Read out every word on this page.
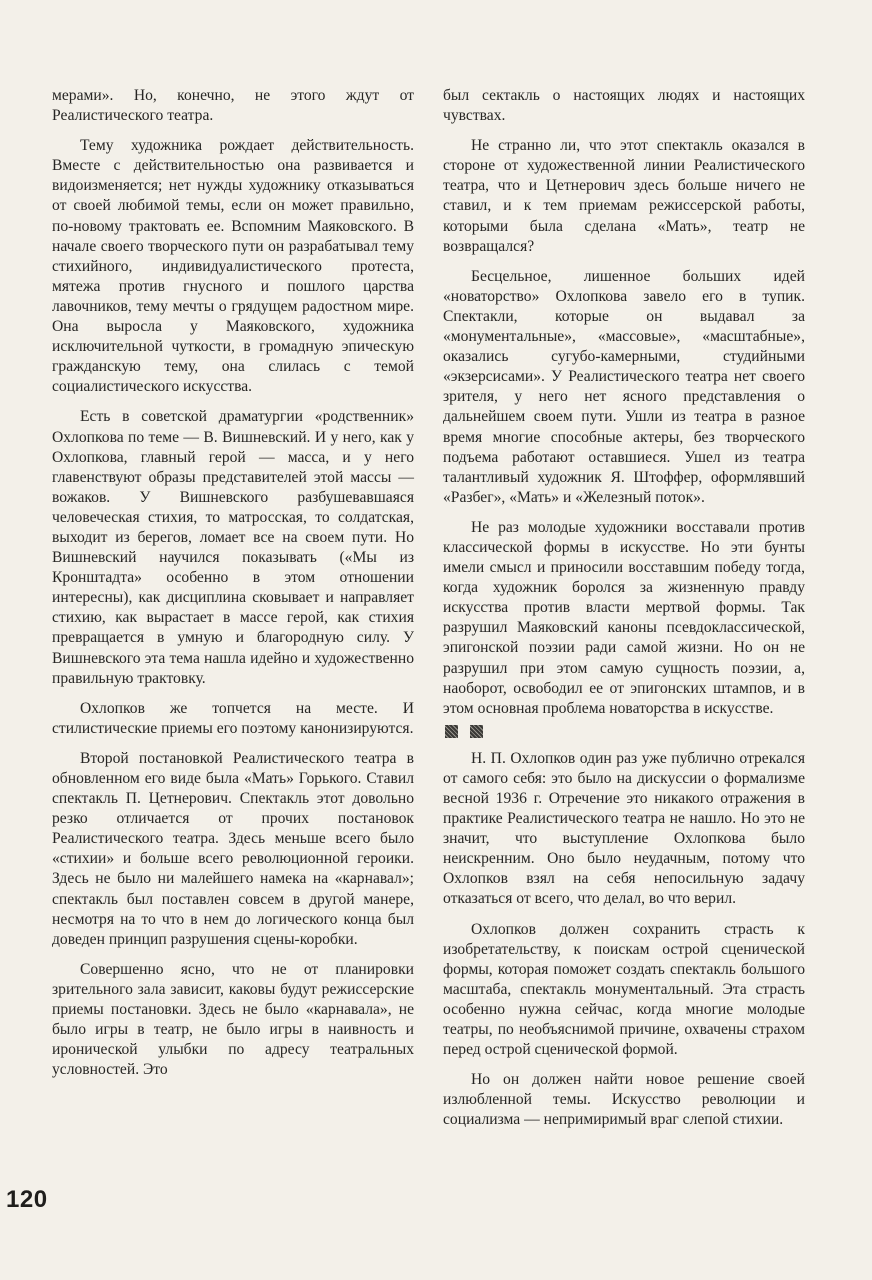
мерами». Но, конечно, не этого ждут от Реалистического театра.

Тему художника рождает действительность. Вместе с действительностью она развивается и видоизменяется; нет нужды художнику отказываться от своей любимой темы, если он может правильно, по-новому трактовать ее. Вспомним Маяковского. В начале своего творческого пути он разрабатывал тему стихийного, индивидуалистического протеста, мятежа против гнусного и пошлого царства лавочников, тему мечты о грядущем радостном мире. Она выросла у Маяковского, художника исключительной чуткости, в громадную эпическую гражданскую тему, она слилась с темой социалистического искусства.

Есть в советской драматургии «родственник» Охлопкова по теме — В. Вишневский. И у него, как у Охлопкова, главный герой — масса, и у него главенствуют образы представителей этой массы — вожаков. У Вишневского разбушевавшаяся человеческая стихия, то матросская, то солдатская, выходит из берегов, ломает все на своем пути. Но Вишневский научился показывать («Мы из Кронштадта» особенно в этом отношении интересны), как дисциплина сковывает и направляет стихию, как вырастает в массе герой, как стихия превращается в умную и благородную силу. У Вишневского эта тема нашла идейно и художественно правильную трактовку.

Охлопков же топчется на месте. И стилистические приемы его поэтому канонизируются.

Второй постановкой Реалистического театра в обновленном его виде была «Мать» Горького. Ставил спектакль П. Цетнерович. Спектакль этот довольно резко отличается от прочих постановок Реалистического театра. Здесь меньше всего было «стихии» и больше всего революционной героики. Здесь не было ни малейшего намека на «карнавал»; спектакль был поставлен совсем в другой манере, несмотря на то что в нем до логического конца был доведен принцип разрушения сцены-коробки.

Совершенно ясно, что не от планировки зрительного зала зависит, каковы будут режиссерские приемы постановки. Здесь не было «карнавала», не было игры в театр, не было игры в наивность и иронической улыбки по адресу театральных условностей. Это

был сектакль о настоящих людях и настоящих чувствах.

Не странно ли, что этот спектакль оказался в стороне от художественной линии Реалистического театра, что и Цетнерович здесь больше ничего не ставил, и к тем приемам режиссерской работы, которыми была сделана «Мать», театр не возвращался?

Бесцельное, лишенное больших идей «новаторство» Охлопкова завело его в тупик. Спектакли, которые он выдавал за «монументальные», «массовые», «масштабные», оказались сугубо-камерными, студийными «экзерсисами». У Реалистического театра нет своего зрителя, у него нет ясного представления о дальнейшем своем пути. Ушли из театра в разное время многие способные актеры, без творческого подъема работают оставшиеся. Ушел из театра талантливый художник Я. Штоффер, оформлявший «Разбег», «Мать» и «Железный поток».

Не раз молодые художники восставали против классической формы в искусстве. Но эти бунты имели смысл и приносили восставшим победу тогда, когда художник боролся за жизненную правду искусства против власти мертвой формы. Так разрушил Маяковский каноны псевдоклассической, эпигонской поэзии ради самой жизни. Но он не разрушил при этом самую сущность поэзии, а, наоборот, освободил ее от эпигонских штампов, и в этом основная проблема новаторства в искусстве.

Н. П. Охлопков один раз уже публично отрекался от самого себя: это было на дискуссии о формализме весной 1936 г. Отречение это никакого отражения в практике Реалистического театра не нашло. Но это не значит, что выступление Охлопкова было неискренним. Оно было неудачным, потому что Охлопков взял на себя непосильную задачу отказаться от всего, что делал, во что верил.

Охлопков должен сохранить страсть к изобретательству, к поискам острой сценической формы, которая поможет создать спектакль большого масштаба, спектакль монументальный. Эта страсть особенно нужна сейчас, когда многие молодые театры, по необъяснимой причине, охвачены страхом перед острой сценической формой.

Но он должен найти новое решение своей излюбленной темы. Искусство революции и социализма — непримиримый враг слепой стихии.

120
